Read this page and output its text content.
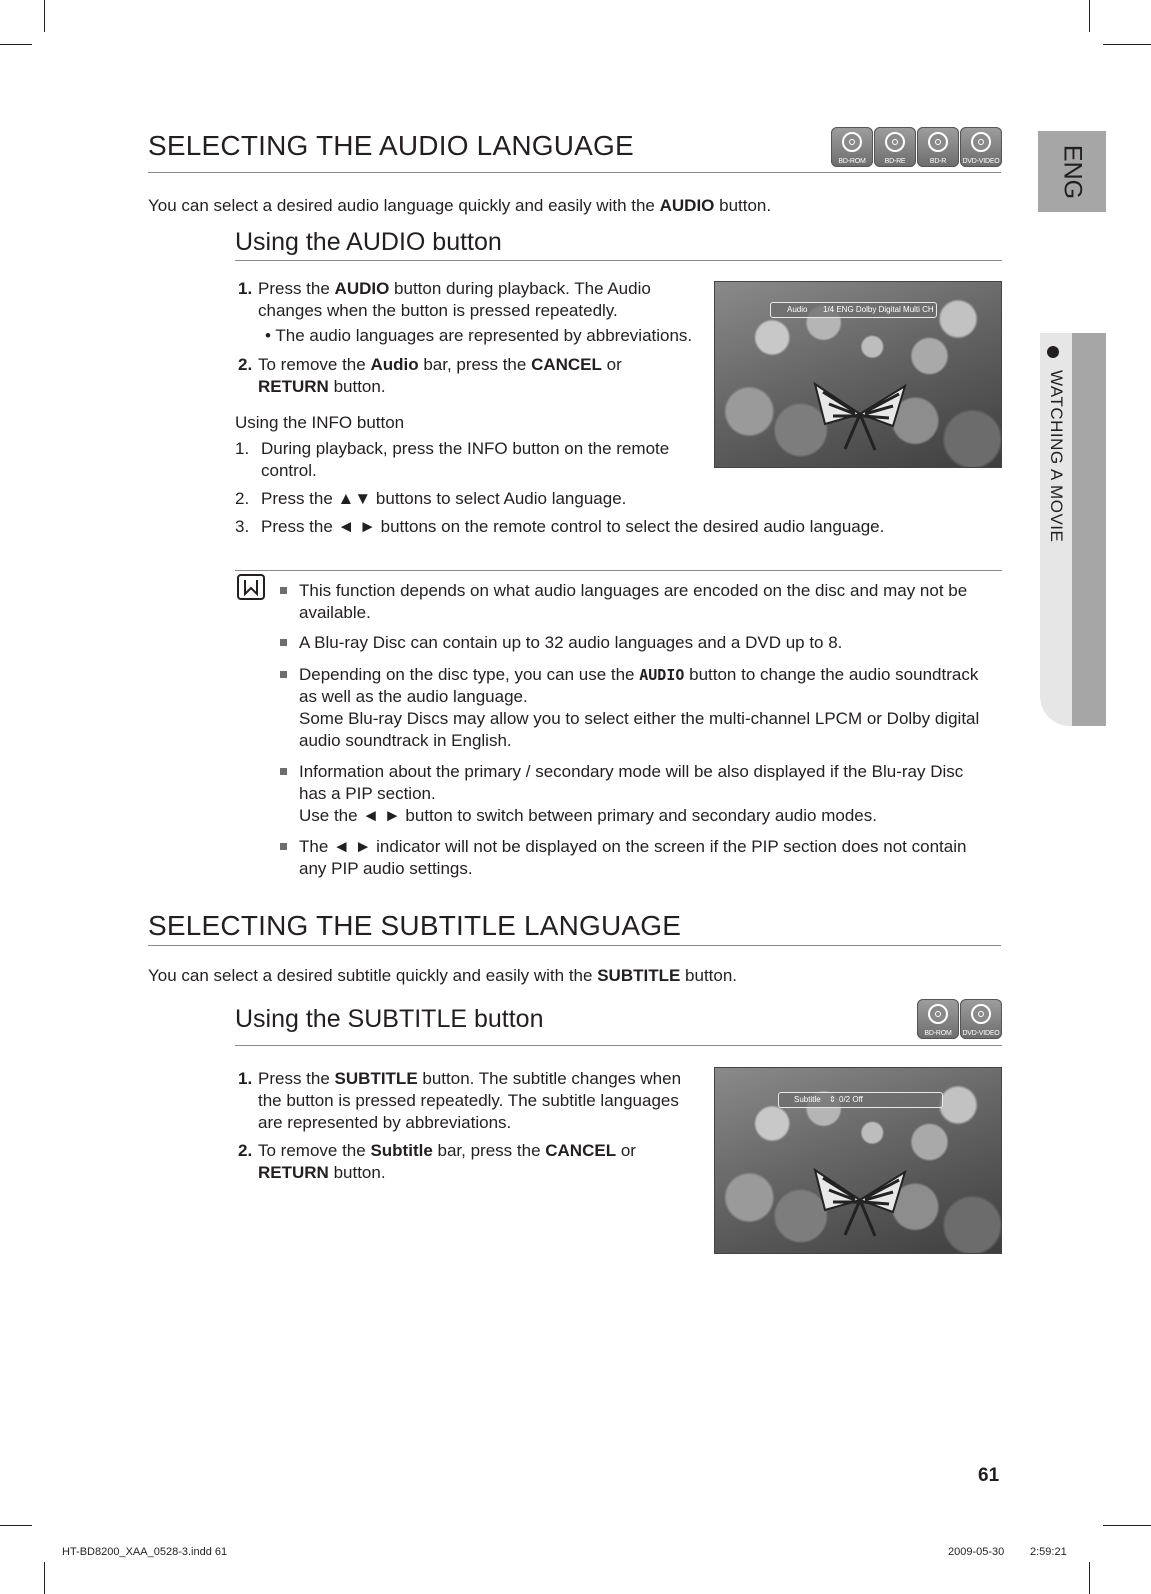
ENG
WATCHING A MOVIE
SELECTING THE AUDIO LANGUAGE
BD-ROM	BD-RE	BD-R	DVD-VIDEO
You can select a desired audio language quickly and easily with the AUDIO button.
Using the AUDIO button
1. Press the AUDIO button during playback. The Audio
changes when the button is pressed repeatedly.
• The audio languages are represented by abbreviations.
2. To remove the Audio bar, press the CANCEL or
RETURN button.
Using the INFO button
1. During playback, press the INFO button on the remote
control.
2. Press the ▲▼ buttons to select Audio language.
3. Press the ◄ ► buttons on the remote control to select the desired audio language.
Audio 1/4 ENG Dolby Digital Multi CH
This function depends on what audio languages are encoded on the disc and may not be
available.
A Blu-ray Disc can contain up to 32 audio languages and a DVD up to 8.
Depending on the disc type, you can use the AUDIO button to change the audio soundtrack
as well as the audio language.
Some Blu-ray Discs may allow you to select either the multi-channel LPCM or Dolby digital
audio soundtrack in English.
Information about the primary / secondary mode will be also displayed if the Blu-ray Disc
has a PIP section.
Use the ◄ ► button to switch between primary and secondary audio modes.
The ◄ ► indicator will not be displayed on the screen if the PIP section does not contain
any PIP audio settings.
SELECTING THE SUBTITLE LANGUAGE
You can select a desired subtitle quickly and easily with the SUBTITLE button.
Using the SUBTITLE button
BD-ROM	DVD-VIDEO
1. Press the SUBTITLE button. The subtitle changes when
the button is pressed repeatedly. The subtitle languages
are represented by abbreviations.
2. To remove the Subtitle bar, press the CANCEL or
RETURN button.
Subtitle ⇕ 0/2 Off
61
HT-BD8200_XAA_0528-3.indd 61	2009-05-30 2:59:21
